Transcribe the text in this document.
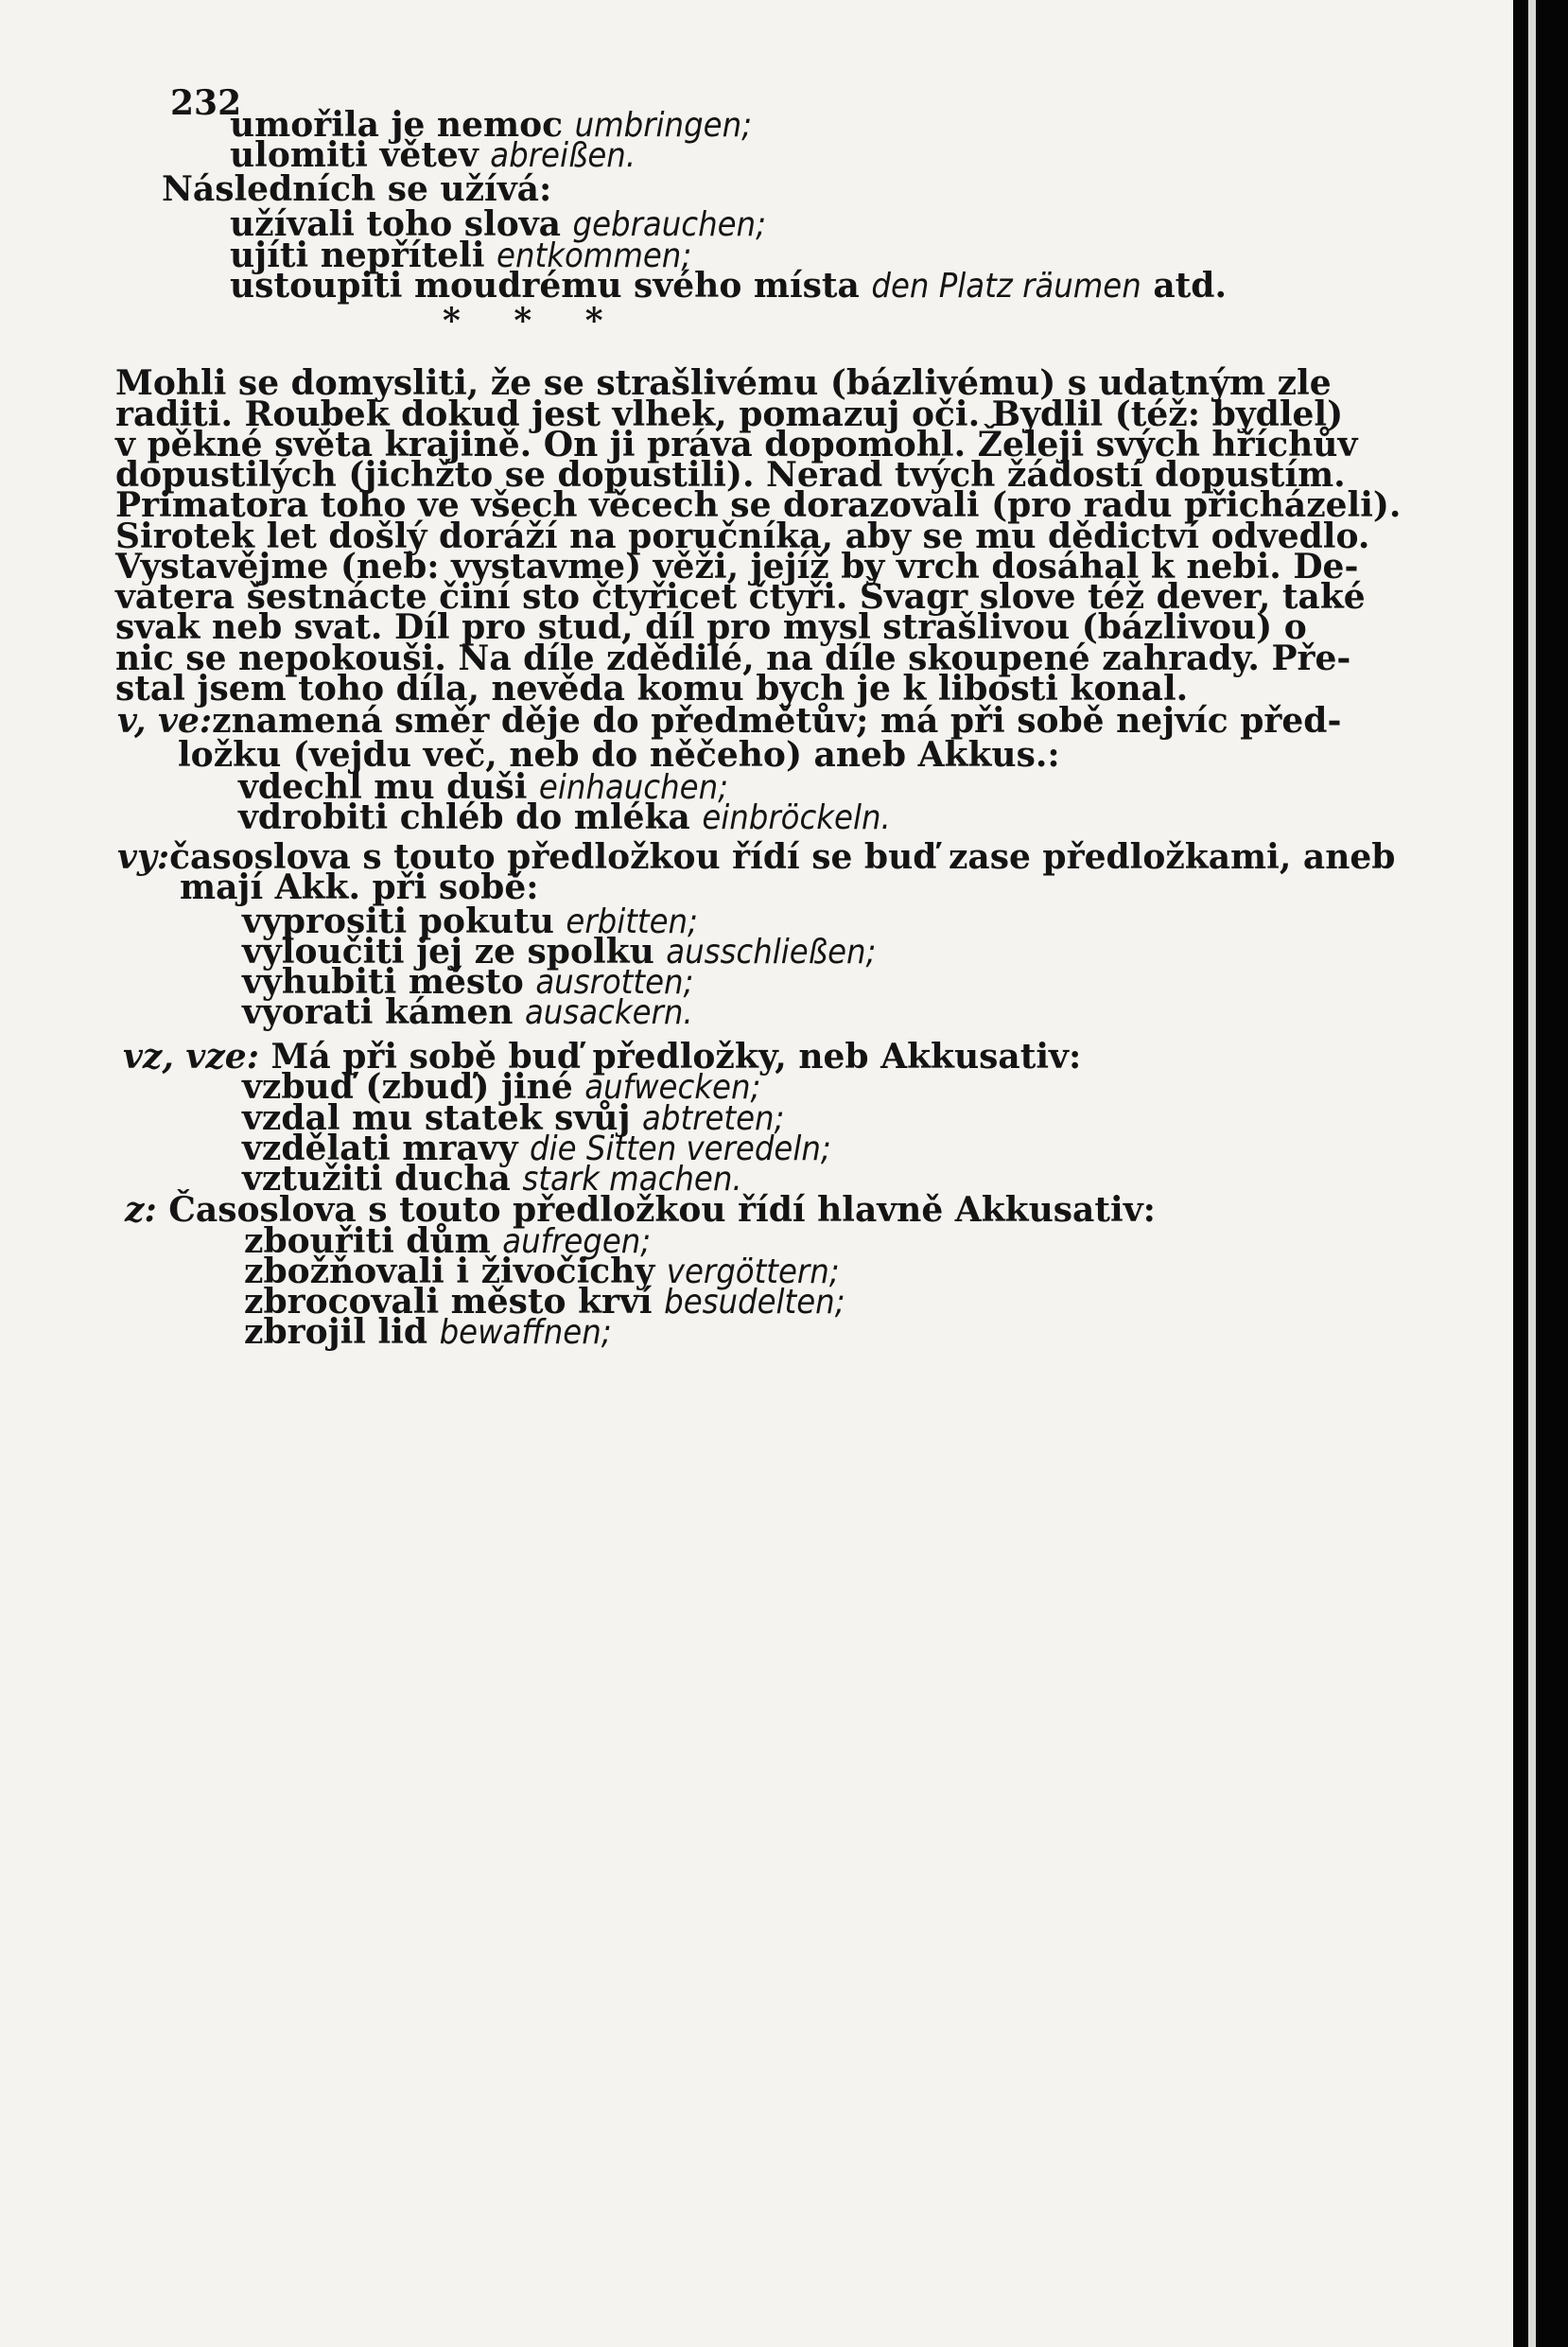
232
umořila je nemoc umbringen;
ulomiti větev abreißen.
Následních se užívá:
užívali toho slova gebrauchen;
ujíti nepříteli entkommen;
ustoupiti moudrému svého místa den Platz räumen atd.
* * *
Mohli se domysliti, že se strašlivému (bázlivému) s udatným zle
raditi. Roubek dokud jest vlhek, pomazuj oči. Bydlil (též: bydlel)
v pěkné světa krajině. On ji práva dopomohl. Želeji svých hříchův
dopustilých (jichžto se dopustili). Nerad tvých žádostí dopustím.
Primatora toho ve všech věcech se dorazovali (pro radu přicházeli).
Sirotek let došlý doráží na poručníka, aby se mu dědictví odvedlo.
Vystavějme (neb: vystavme) věži, jejíž by vrch dosáhal k nebi. De-
vatera šestnácte činí sto čtyřicet čtyři. Švagr slove též dever, také
svak neb svat. Díl pro stud, díl pro mysl strašlivou (bázlivou) o
nic se nepokouši. Na díle zdědilé, na díle skoupené zahrady. Pře-
stal jsem toho díla, nevěda komu bych je k libosti konal.
v, ve: znamená směr děje do předmětův; má při sobě nejvíc před-
ložku (vejdu več, neb do něčeho) aneb Akkus.:
vdechl mu duši einhauchen;
vdrobiti chléb do mléka einbröckeln.
vy: časoslova s touto předložkou řídí se buď zase předložkami, aneb
mají Akk. při sobě:
vyprositi pokutu erbitten;
vyloučiti jej ze spolku ausschließen;
vyhubiti město ausrotten;
vyorati kámen ausackern.
vz, vze: Má při sobě buď předložky, neb Akkusativ:
vzbuď (zbuď) jiné aufwecken;
vzdal mu statek svůj abtreten;
vzdělati mravy die Sitten veredeln;
vztužiti ducha stark machen.
z: Časoslova s touto předložkou řídí hlavně Akkusativ:
zbouřiti dům aufregen;
zbožňovali i živočichy vergöttern;
zbrocovali město krví besudelten;
zbrojil lid bewaffnen;
